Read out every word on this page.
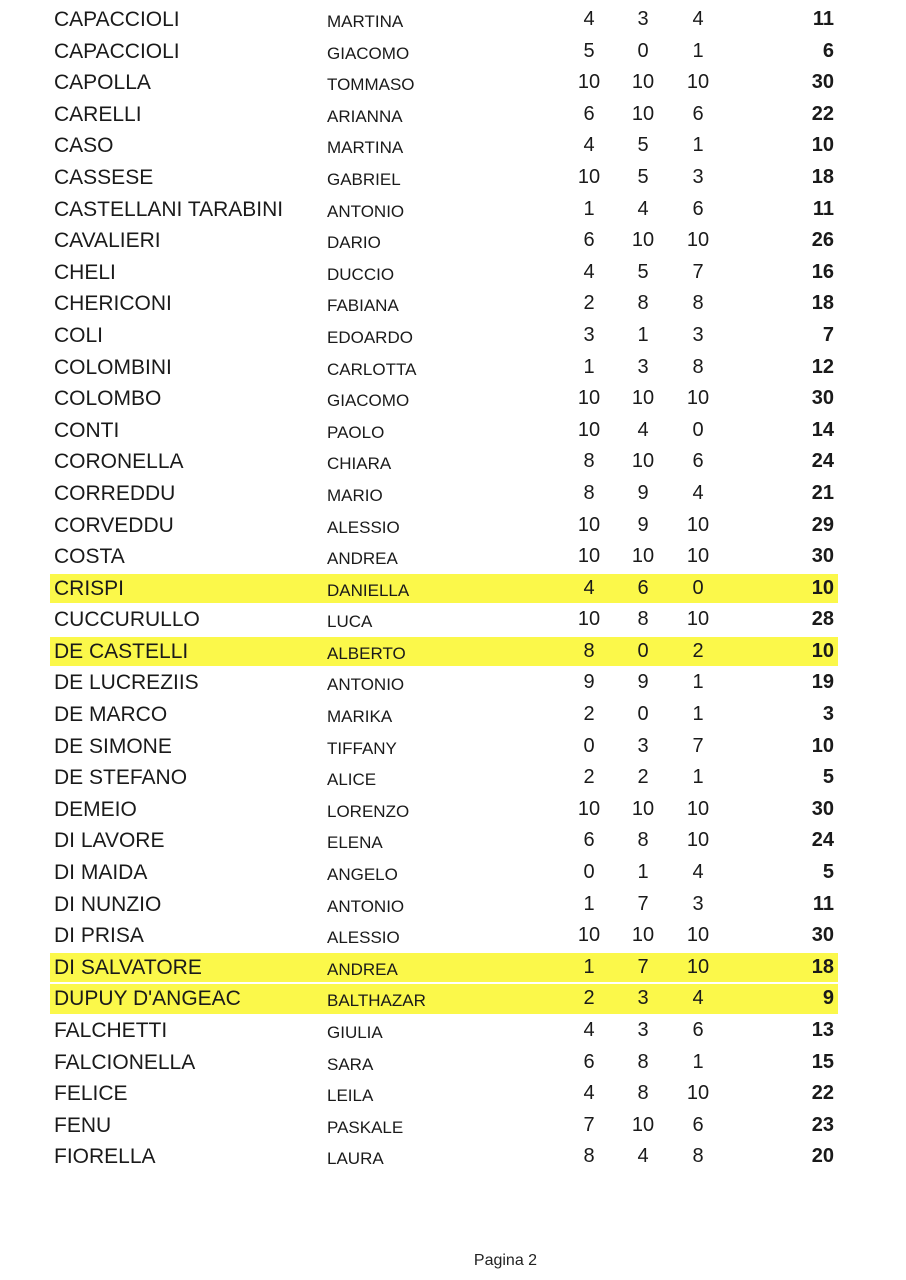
CAPACCIOLI	MARTINA	4	3	4	11
CAPACCIOLI	GIACOMO	5	0	1	6
CAPOLLA	TOMMASO	10	10	10	30
CARELLI	ARIANNA	6	10	6	22
CASO	MARTINA	4	5	1	10
CASSESE	GABRIEL	10	5	3	18
CASTELLANI TARABINI	ANTONIO	1	4	6	11
CAVALIERI	DARIO	6	10	10	26
CHELI	DUCCIO	4	5	7	16
CHERICONI	FABIANA	2	8	8	18
COLI	EDOARDO	3	1	3	7
COLOMBINI	CARLOTTA	1	3	8	12
COLOMBO	GIACOMO	10	10	10	30
CONTI	PAOLO	10	4	0	14
CORONELLA	CHIARA	8	10	6	24
CORREDDU	MARIO	8	9	4	21
CORVEDDU	ALESSIO	10	9	10	29
COSTA	ANDREA	10	10	10	30
CRISPI	DANIELLA	4	6	0	10
CUCCURULLO	LUCA	10	8	10	28
DE CASTELLI	ALBERTO	8	0	2	10
DE LUCREZIIS	ANTONIO	9	9	1	19
DE MARCO	MARIKA	2	0	1	3
DE SIMONE	TIFFANY	0	3	7	10
DE STEFANO	ALICE	2	2	1	5
DEMEIO	LORENZO	10	10	10	30
DI LAVORE	ELENA	6	8	10	24
DI MAIDA	ANGELO	0	1	4	5
DI NUNZIO	ANTONIO	1	7	3	11
DI PRISA	ALESSIO	10	10	10	30
DI SALVATORE	ANDREA	1	7	10	18
DUPUY D'ANGEAC	BALTHAZAR	2	3	4	9
FALCHETTI	GIULIA	4	3	6	13
FALCIONELLA	SARA	6	8	1	15
FELICE	LEILA	4	8	10	22
FENU	PASKALE	7	10	6	23
FIORELLA	LAURA	8	4	8	20
Pagina 2
